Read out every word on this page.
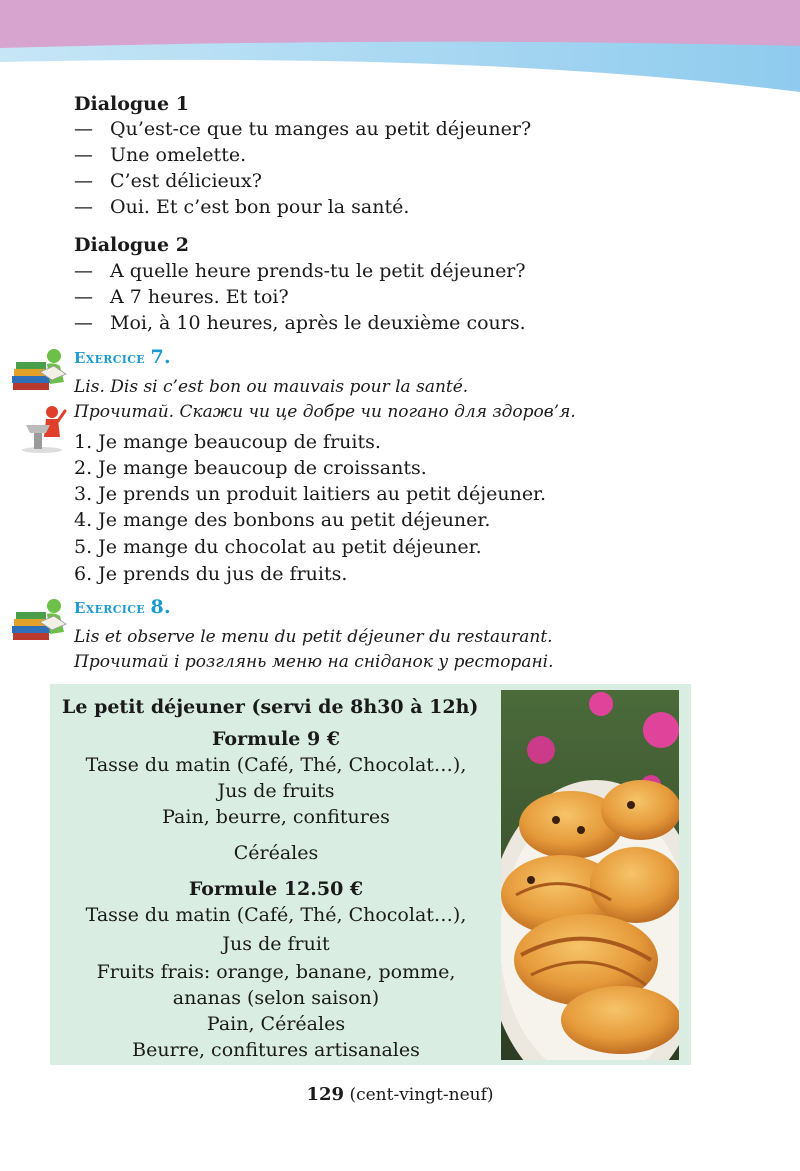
Dialogue 1
— Qu’est-ce que tu manges au petit déjeuner?
— Une omelette.
— C’est délicieux?
— Oui. Et c’est bon pour la santé.
Dialogue 2
— A quelle heure prends-tu le petit déjeuner?
— A 7 heures. Et toi?
— Moi, à 10 heures, après le deuxième cours.
Exercice 7.
Lis. Dis si c’est bon ou mauvais pour la santé.
Прочитай. Скажи чи це добре чи погано для здоров’я.
1. Je mange beaucoup de fruits.
2. Je mange beaucoup de croissants.
3. Je prends un produit laitiers au petit déjeuner.
4. Je mange des bonbons au petit déjeuner.
5. Je mange du chocolat au petit déjeuner.
6. Je prends du jus de fruits.
Exercice 8.
Lis et observe le menu du petit déjeuner du restaurant.
Прочитай і розглянь меню на сніданок у ресторані.
Le petit déjeuner (servi de 8h30 à 12h)
Formule 9 €
Tasse du matin (Café, Thé, Chocolat…),
Jus de fruits
Pain, beurre, confitures
Céréales
Formule 12.50 €
Tasse du matin (Café, Thé, Chocolat…),
Jus de fruit
Fruits frais: orange, banane, pomme,
ananas (selon saison)
Pain, Céréales
Beurre, confitures artisanales
129 (cent-vingt-neuf)
